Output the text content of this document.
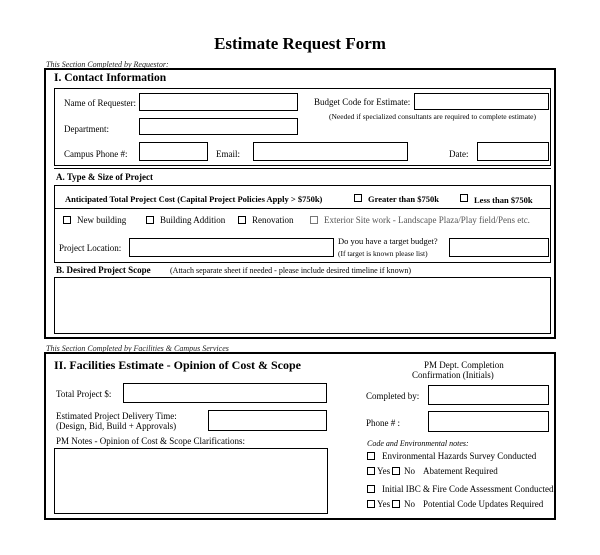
Estimate Request Form
This Section Completed by Requestor:
I. Contact Information
Name of Requester:	Budget Code for Estimate:
(Needed if specialized consultants are required to complete estimate)
Department:
Campus Phone #:	Email:	Date:
A. Type & Size of Project
Anticipated Total Project Cost (Capital Project Policies Apply > $750k)	Greater than $750k	Less than $750k
New building	Building Addition	Renovation	Exterior Site work - Landscape Plaza/Play field/Pens etc.
Project Location:
Do you have a target budget?
(If target is known please list)
B. Desired Project Scope (Attach separate sheet if needed - please include desired timeline if known)
This Section Completed by Facilities & Campus Services
II. Facilities Estimate - Opinion of Cost & Scope	PM Dept. Completion
Confirmation (Initials)
Total Project $:	Completed by:
Estimated Project Delivery Time:
(Design, Bid, Build + Approvals)	Phone # :
PM Notes - Opinion of Cost & Scope Clarifications:	Code and Environmental notes:
Environmental Hazards Survey Conducted
Yes No Abatement Required
Initial IBC & Fire Code Assessment Conducted
Yes No Potential Code Updates Required
